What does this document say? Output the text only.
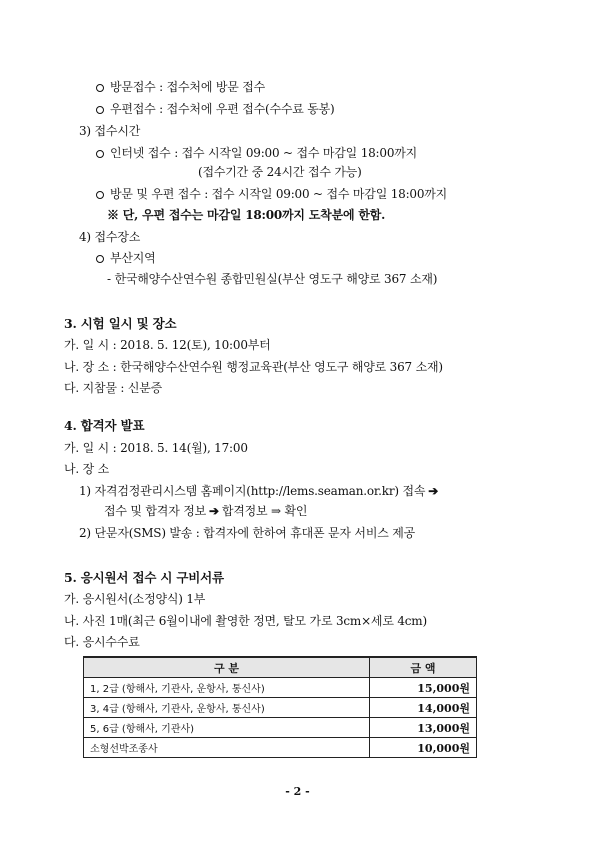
방문접수 : 접수처에 방문 접수
우편접수 : 접수처에 우편 접수(수수료 동봉)
3) 접수시간
인터넷 접수 : 접수 시작일 09:00 ~ 접수 마감일 18:00까지
(접수기간 중 24시간 접수 가능)
방문 및 우편 접수 : 접수 시작일 09:00 ~ 접수 마감일 18:00까지
※ 단, 우편 접수는 마감일 18:00까지 도착분에 한함.
4) 접수장소
부산지역
- 한국해양수산연수원 종합민원실(부산 영도구 해양로 367 소재)
3. 시험 일시 및 장소
가. 일 시 : 2018. 5. 12(토), 10:00부터
나. 장 소 : 한국해양수산연수원 행정교육관(부산 영도구 해양로 367 소재)
다. 지참물 : 신분증
4. 합격자 발표
가. 일 시 : 2018. 5. 14(월), 17:00
나. 장 소
1) 자격검정관리시스템 홈페이지(http://lems.seaman.or.kr) 접속 ➔
접수 및 합격자 정보 ➔ 합격정보 ⇒ 확인
2) 단문자(SMS) 발송 : 합격자에 한하여 휴대폰 문자 서비스 제공
5. 응시원서 접수 시 구비서류
가. 응시원서(소정양식) 1부
나. 사진 1매(최근 6월이내에 촬영한 정면, 탈모 가로 3cm×세로 4cm)
다. 응시수수료
구 분	금 액
1, 2급 (항해사, 기관사, 운항사, 통신사)	15,000원
3, 4급 (항해사, 기관사, 운항사, 통신사)	14,000원
5, 6급 (항해사, 기관사)	13,000원
소형선박조종사	10,000원
- 2 -
